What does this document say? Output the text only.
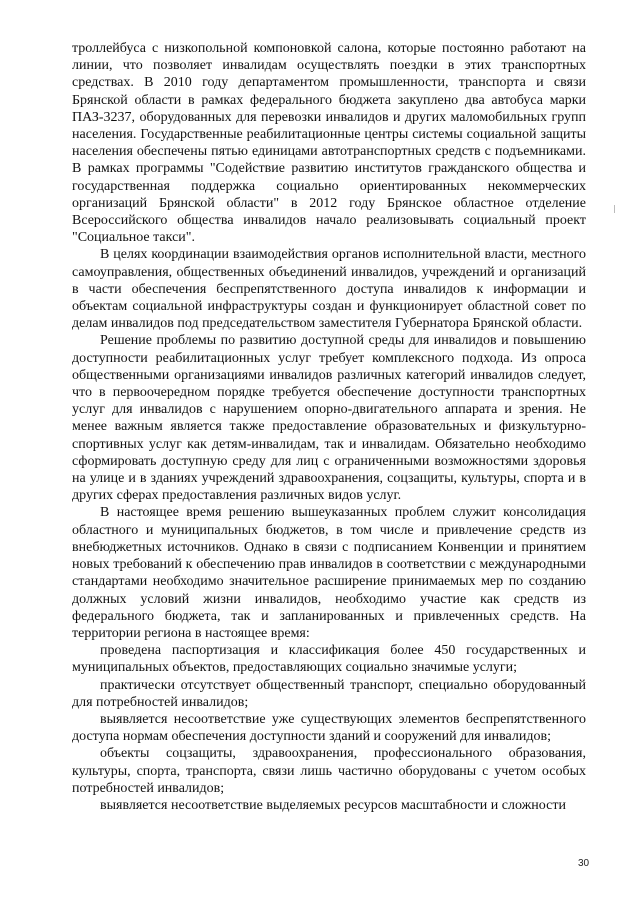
троллейбуса с низкопольной компоновкой салона, которые постоянно работают на линии, что позволяет инвалидам осуществлять поездки в этих транспортных средствах. В 2010 году департаментом промышленности, транспорта и связи Брянской области в рамках федерального бюджета закуплено два автобуса марки ПАЗ-3237, оборудованных для перевозки инвалидов и других маломобильных групп населения. Государственные реабилитационные центры системы социальной защиты населения обеспечены пятью единицами автотранспортных средств с подъемниками. В рамках программы "Содействие развитию институтов гражданского общества и государственная поддержка социально ориентированных некоммерческих организаций Брянской области" в 2012 году Брянское областное отделение Всероссийского общества инвалидов начало реализовывать социальный проект "Социальное такси".

В целях координации взаимодействия органов исполнительной власти, местного самоуправления, общественных объединений инвалидов, учреждений и организаций в части обеспечения беспрепятственного доступа инвалидов к информации и объектам социальной инфраструктуры создан и функционирует областной совет по делам инвалидов под председательством заместителя Губернатора Брянской области.

Решение проблемы по развитию доступной среды для инвалидов и повышению доступности реабилитационных услуг требует комплексного подхода. Из опроса общественными организациями инвалидов различных категорий инвалидов следует, что в первоочередном порядке требуется обеспечение доступности транспортных услуг для инвалидов с нарушением опорно-двигательного аппарата и зрения. Не менее важным является также предоставление образовательных и физкультурно-спортивных услуг как детям-инвалидам, так и инвалидам. Обязательно необходимо сформировать доступную среду для лиц с ограниченными возможностями здоровья на улице и в зданиях учреждений здравоохранения, соцзащиты, культуры, спорта и в других сферах предоставления различных видов услуг.

В настоящее время решению вышеуказанных проблем служит консолидация областного и муниципальных бюджетов, в том числе и привлечение средств из внебюджетных источников. Однако в связи с подписанием Конвенции и принятием новых требований к обеспечению прав инвалидов в соответствии с международными стандартами необходимо значительное расширение принимаемых мер по созданию должных условий жизни инвалидов, необходимо участие как средств из федерального бюджета, так и запланированных и привлеченных средств. На территории региона в настоящее время:

проведена паспортизация и классификация более 450 государственных и муниципальных объектов, предоставляющих социально значимые услуги;

практически отсутствует общественный транспорт, специально оборудованный для потребностей инвалидов;

выявляется несоответствие уже существующих элементов беспрепятственного доступа нормам обеспечения доступности зданий и сооружений для инвалидов;

объекты соцзащиты, здравоохранения, профессионального образования, культуры, спорта, транспорта, связи лишь частично оборудованы с учетом особых потребностей инвалидов;

выявляется несоответствие выделяемых ресурсов масштабности и сложности

30
